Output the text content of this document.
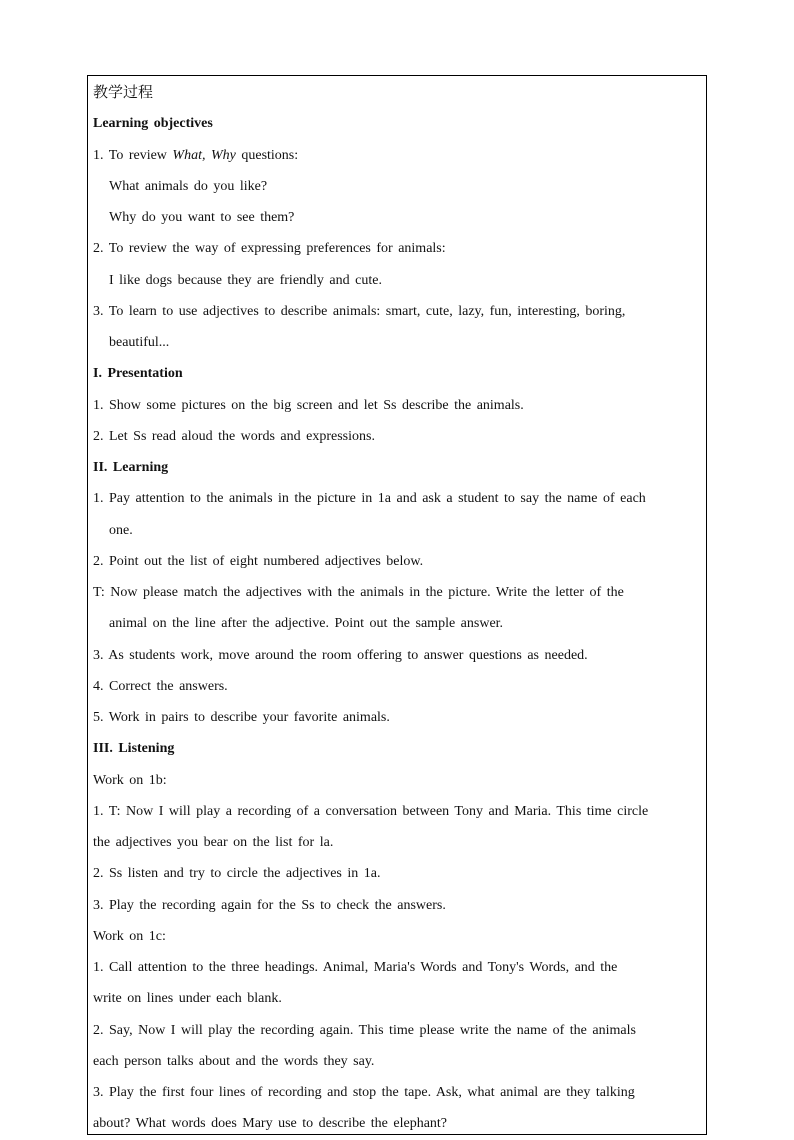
教学过程
Learning objectives
1. To review What, Why questions:
What animals do you like?
Why do you want to see them?
2. To review the way of expressing preferences for animals:
I like dogs because they are friendly and cute.
3. To learn to use adjectives to describe animals: smart, cute, lazy, fun, interesting, boring,
beautiful...
I. Presentation
1. Show some pictures on the big screen and let Ss describe the animals.
2. Let Ss read aloud the words and expressions.
II. Learning
1. Pay attention to the animals in the picture in 1a and ask a student to say the name of each
one.
2. Point out the list of eight numbered adjectives below.
T: Now please match the adjectives with the animals in the picture. Write the letter of the
animal on the line after the adjective. Point out the sample answer.
3. As students work, move around the room offering to answer questions as needed.
4. Correct the answers.
5. Work in pairs to describe your favorite animals.
III. Listening
Work on 1b:
1. T: Now I will play a recording of a conversation between Tony and Maria. This time circle
the adjectives you bear on the list for la.
2. Ss listen and try to circle the adjectives in 1a.
3. Play the recording again for the Ss to check the answers.
Work on 1c:
1. Call attention to the three headings. Animal, Maria's Words and Tony's Words, and the
write on lines under each blank.
2. Say, Now I will play the recording again. This time please write the name of the animals
each person talks about and the words they say.
3. Play the first four lines of recording and stop the tape. Ask, what animal are they talking
about? What words does Mary use to describe the elephant?
